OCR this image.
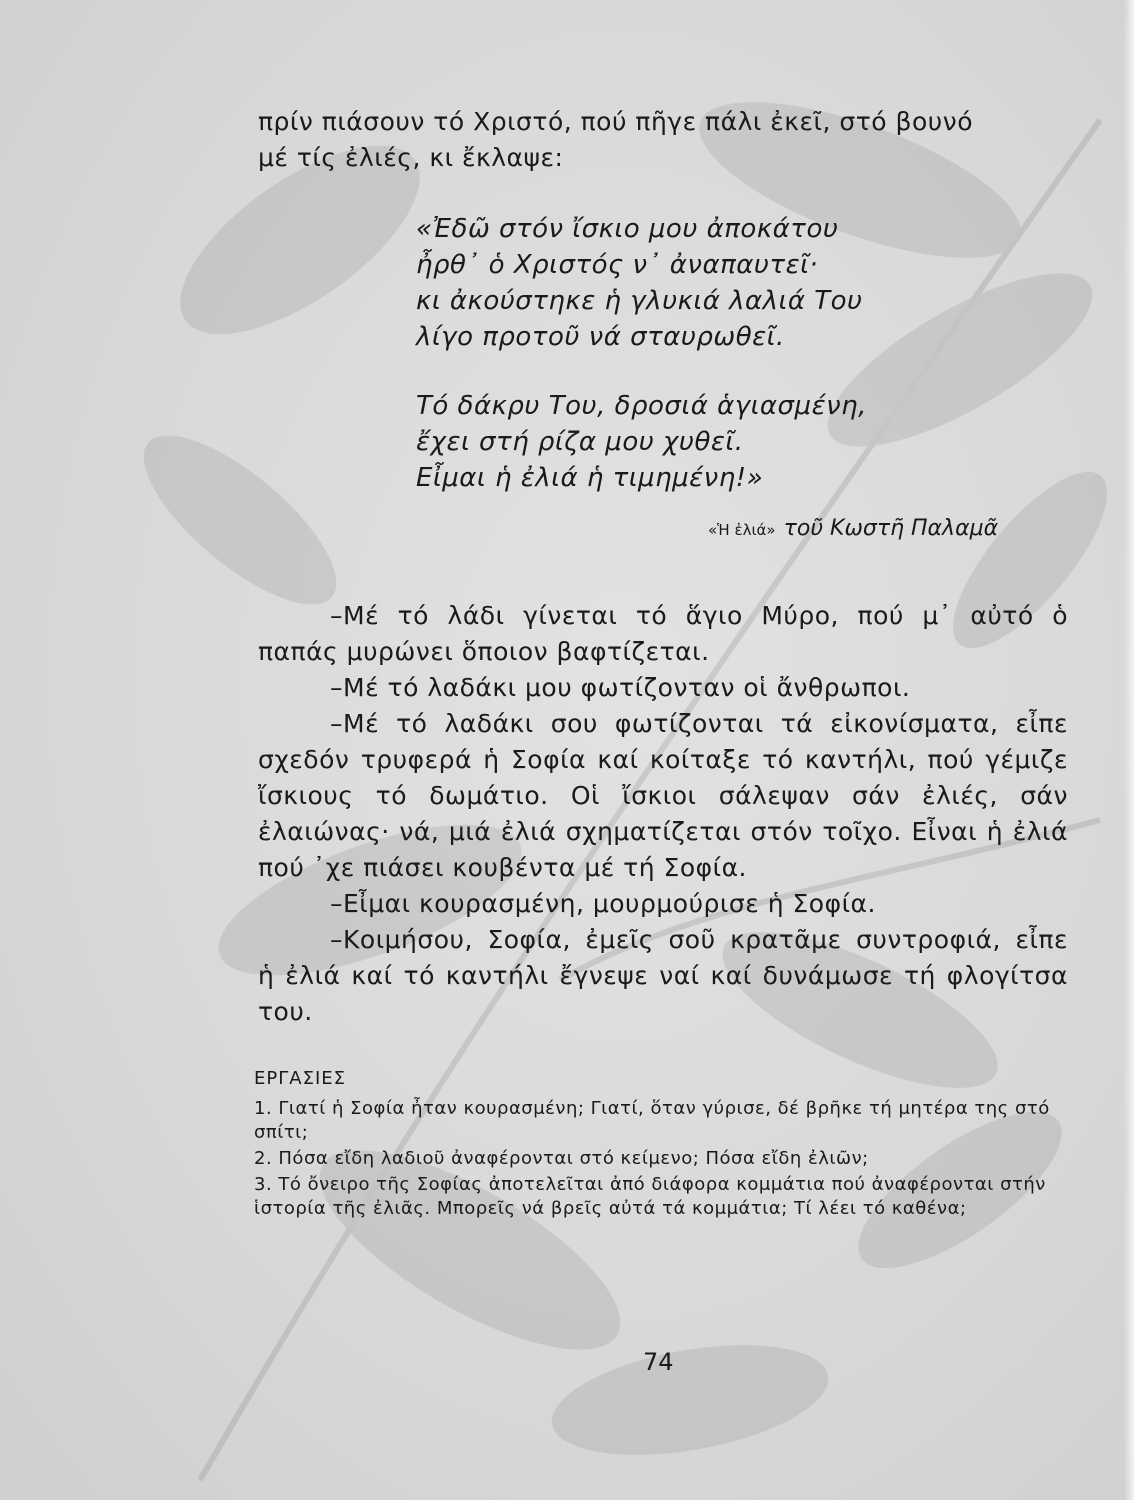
πρίν πιάσουν τό Χριστό, πού πῆγε πάλι ἐκεῖ, στό βουνό
μέ τίς ἐλιές, κι ἔκλαψε:
«Ἐδῶ στόν ἴσκιο μου ἀποκάτου
ἦρθ᾽ ὁ Χριστός ν᾽ ἀναπαυτεῖ·
κι ἀκούστηκε ἡ γλυκιά λαλιά Του
λίγο προτοῦ νά σταυρωθεῖ.
Τό δάκρυ Του, δροσιά ἁγιασμένη,
ἔχει στή ρίζα μου χυθεῖ.
Εἶμαι ἡ ἐλιά ἡ τιμημένη!»
«Ἡ ἐλιά» τοῦ Κωστῆ Παλαμᾶ
–Μέ τό λάδι γίνεται τό ἅγιο Μύρο, πού μ᾽ αὐτό ὁ
παπάς μυρώνει ὅποιον βαφτίζεται.
–Μέ τό λαδάκι μου φωτίζονταν οἱ ἄνθρωποι.
–Μέ τό λαδάκι σου φωτίζονται τά εἰκονίσματα, εἶπε
σχεδόν τρυφερά ἡ Σοφία καί κοίταξε τό καντήλι, πού γέμιζε
ἴσκιους τό δωμάτιο. Οἱ ἴσκιοι σάλεψαν σάν ἐλιές, σάν
ἐλαιώνας· νά, μιά ἐλιά σχηματίζεται στόν τοῖχο. Εἶναι ἡ ἐλιά
πού ᾽χε πιάσει κουβέντα μέ τή Σοφία.
–Εἶμαι κουρασμένη, μουρμούρισε ἡ Σοφία.
–Κοιμήσου, Σοφία, ἐμεῖς σοῦ κρατᾶμε συντροφιά, εἶπε
ἡ ἐλιά καί τό καντήλι ἔγνεψε ναί καί δυνάμωσε τή φλογίτσα
του.
ΕΡΓΑΣΙΕΣ
1. Γιατί ἡ Σοφία ἦταν κουρασμένη; Γιατί, ὅταν γύρισε, δέ βρῆκε τή μητέρα της στό σπίτι;
2. Πόσα εἴδη λαδιοῦ ἀναφέρονται στό κείμενο; Πόσα εἴδη ἐλιῶν;
3. Τό ὄνειρο τῆς Σοφίας ἀποτελεῖται ἀπό διάφορα κομμάτια πού ἀναφέρονται στήν ἱστορία τῆς ἐλιᾶς. Μπορεῖς νά βρεῖς αὐτά τά κομμάτια; Τί λέει τό καθένα;
74
